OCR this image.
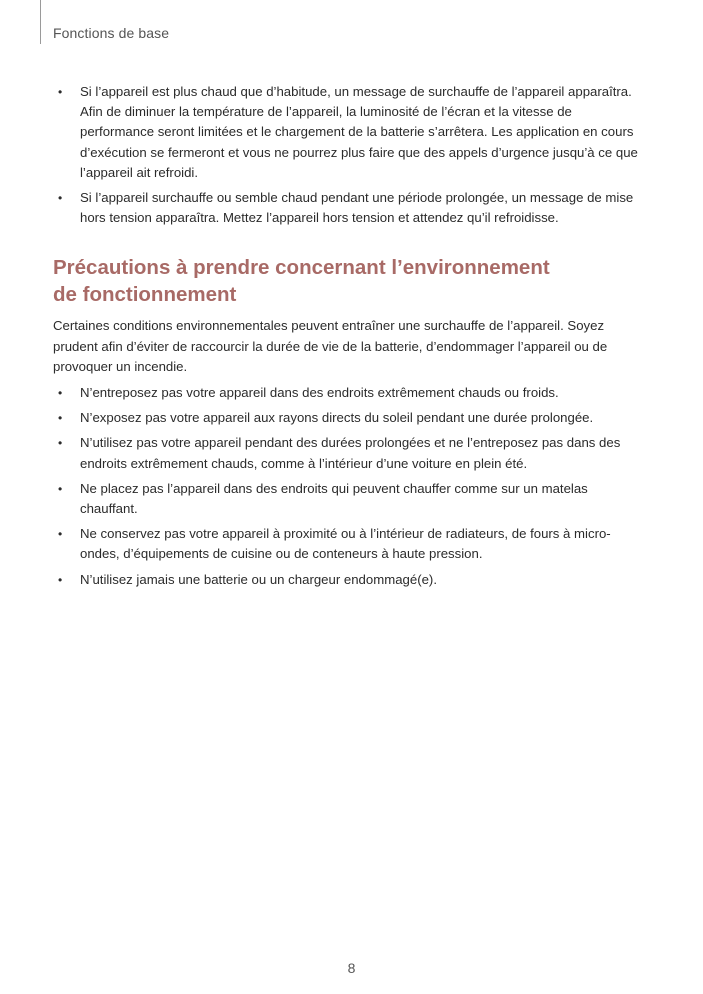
Fonctions de base
• Si l’appareil est plus chaud que d’habitude, un message de surchauffe de l’appareil apparaîtra. Afin de diminuer la température de l’appareil, la luminosité de l’écran et la vitesse de performance seront limitées et le chargement de la batterie s’arrêtera. Les application en cours d’exécution se fermeront et vous ne pourrez plus faire que des appels d’urgence jusqu’à ce que l’appareil ait refroidi.
• Si l’appareil surchauffe ou semble chaud pendant une période prolongée, un message de mise hors tension apparaîtra. Mettez l’appareil hors tension et attendez qu’il refroidisse.
Précautions à prendre concernant l’environnement de fonctionnement

Certaines conditions environnementales peuvent entraîner une surchauffe de l’appareil. Soyez prudent afin d’éviter de raccourcir la durée de vie de la batterie, d’endommager l’appareil ou de provoquer un incendie.

• N’entreposez pas votre appareil dans des endroits extrêmement chauds ou froids.
• N’exposez pas votre appareil aux rayons directs du soleil pendant une durée prolongée.
• N’utilisez pas votre appareil pendant des durées prolongées et ne l’entreposez pas dans des endroits extrêmement chauds, comme à l’intérieur d’une voiture en plein été.
• Ne placez pas l’appareil dans des endroits qui peuvent chauffer comme sur un matelas chauffant.
• Ne conservez pas votre appareil à proximité ou à l’intérieur de radiateurs, de fours à micro-ondes, d’équipements de cuisine ou de conteneurs à haute pression.
• N’utilisez jamais une batterie ou un chargeur endommagé(e).
8
